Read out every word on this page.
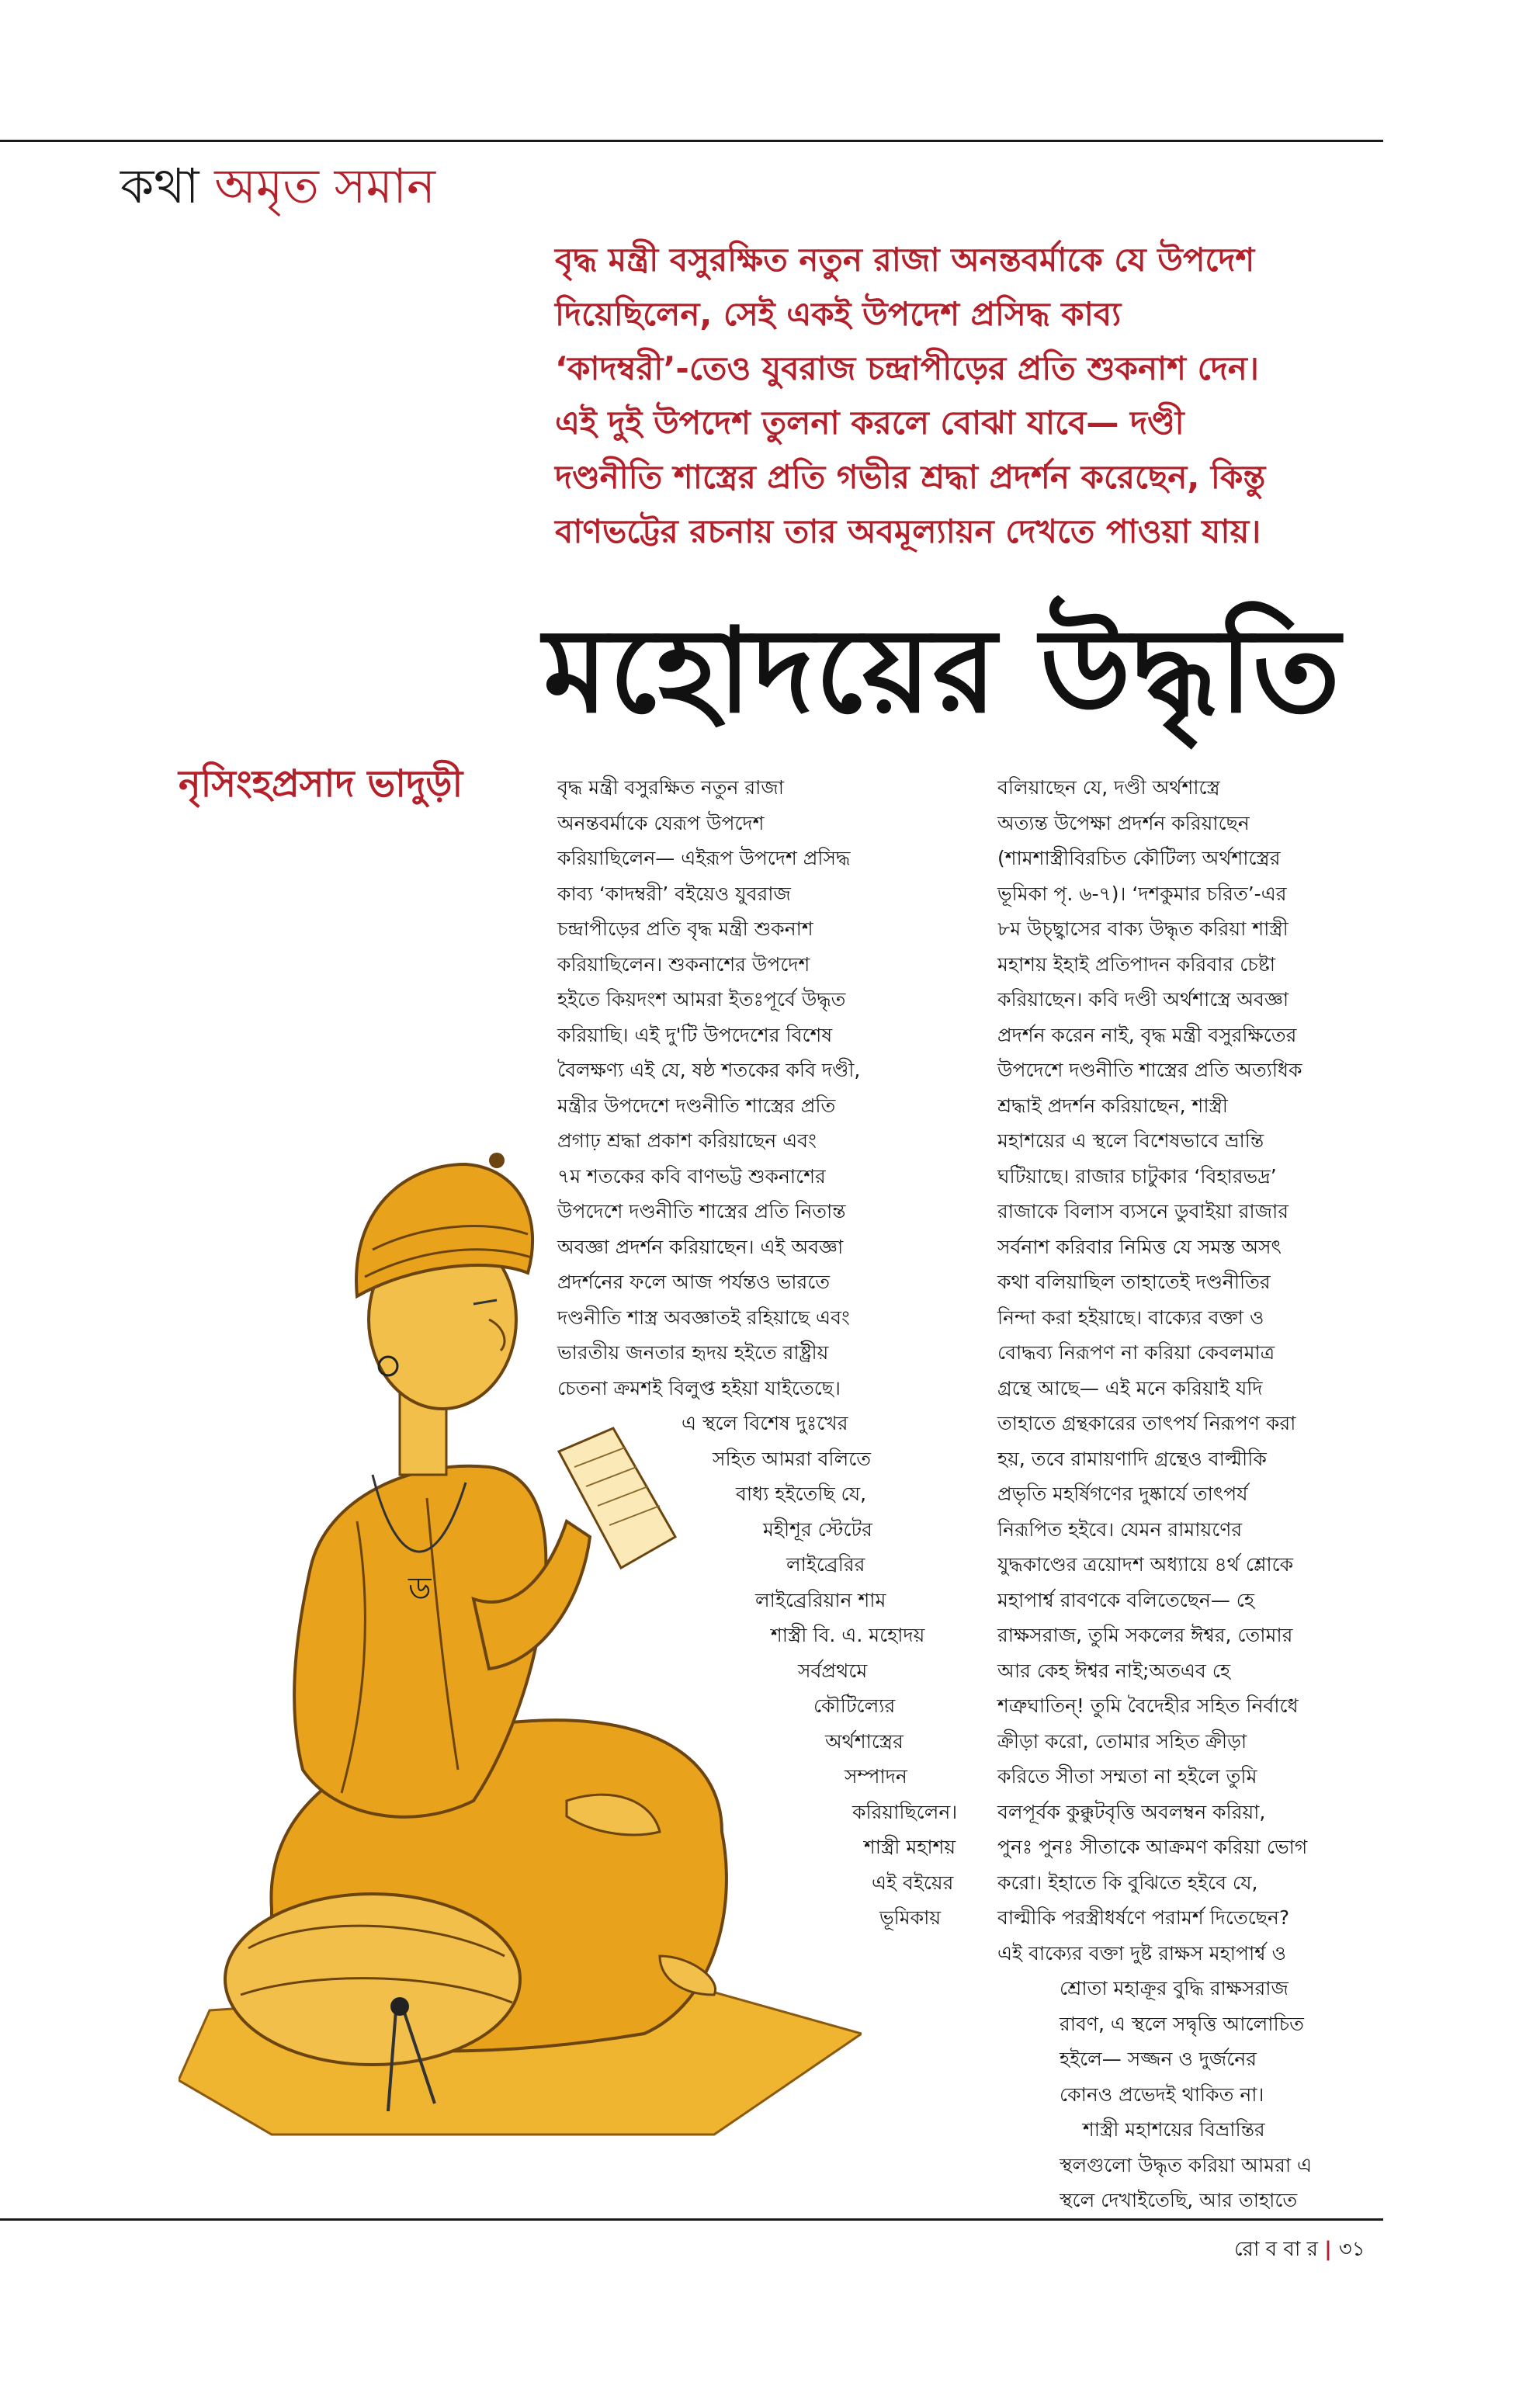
কথা অমৃত সমান

বৃদ্ধ মন্ত্রী বসুরক্ষিত নতুন রাজা অনন্তবর্মাকে যে উপদেশ

দিয়েছিলেন, সেই একই উপদেশ প্রসিদ্ধ কাব্য

‘কাদম্বরী’-তেও যুবরাজ চন্দ্রাপীড়ের প্রতি শুকনাশ দেন।

এই দুই উপদেশ তুলনা করলে বোঝা যাবে— দণ্ডী

দণ্ডনীতি শাস্ত্রের প্রতি গভীর শ্রদ্ধা প্রদর্শন করেছেন, কিন্তু

বাণভট্টের রচনায় তার অবমূল্যায়ন দেখতে পাওয়া যায়।

মহোদয়ের উদ্ধৃতি
নৃসিংহপ্রসাদ ভাদুড়ী
ড

বৃদ্ধ মন্ত্রী বসুরক্ষিত নতুন রাজা

অনন্তবর্মাকে যেরূপ উপদেশ

করিয়াছিলেন— এইরূপ উপদেশ প্রসিদ্ধ

কাব্য ‘কাদম্বরী’ বইয়েও যুবরাজ

চন্দ্রাপীড়ের প্রতি বৃদ্ধ মন্ত্রী শুকনাশ

করিয়াছিলেন। শুকনাশের উপদেশ

হইতে কিয়দংশ আমরা ইতঃপূর্বে উদ্ধৃত

করিয়াছি। এই দু'টি উপদেশের বিশেষ

বৈলক্ষণ্য এই যে, ষষ্ঠ শতকের কবি দণ্ডী,

মন্ত্রীর উপদেশে দণ্ডনীতি শাস্ত্রের প্রতি

প্রগাঢ় শ্রদ্ধা প্রকাশ করিয়াছেন এবং

৭ম শতকের কবি বাণভট্ট শুকনাশের

উপদেশে দণ্ডনীতি শাস্ত্রের প্রতি নিতান্ত

অবজ্ঞা প্রদর্শন করিয়াছেন। এই অবজ্ঞা

প্রদর্শনের ফলে আজ পর্যন্তও ভারতে

দণ্ডনীতি শাস্ত্র অবজ্ঞাতই রহিয়াছে এবং

ভারতীয় জনতার হৃদয় হইতে রাষ্ট্রীয়

চেতনা ক্রমশই বিলুপ্ত হইয়া যাইতেছে।

এ স্থলে বিশেষ দুঃখের

সহিত আমরা বলিতে

বাধ্য হইতেছি যে,

মহীশূর স্টেটের

লাইব্রেরির

লাইব্রেরিয়ান শাম

শাস্ত্রী বি. এ. মহোদয়

সর্বপ্রথমে

কৌটিল্যের

অর্থশাস্ত্রের

সম্পাদন

করিয়াছিলেন।

শাস্ত্রী মহাশয়

এই বইয়ের

ভূমিকায়

বলিয়াছেন যে, দণ্ডী অর্থশাস্ত্রে

অত্যন্ত উপেক্ষা প্রদর্শন করিয়াছেন

(শামশাস্ত্রীবিরচিত কৌটিল্য অর্থশাস্ত্রের

ভূমিকা পৃ. ৬-৭)। ‘দশকুমার চরিত’-এর

৮ম উচ্ছ্বাসের বাক্য উদ্ধৃত করিয়া শাস্ত্রী

মহাশয় ইহাই প্রতিপাদন করিবার চেষ্টা

করিয়াছেন। কবি দণ্ডী অর্থশাস্ত্রে অবজ্ঞা

প্রদর্শন করেন নাই, বৃদ্ধ মন্ত্রী বসুরক্ষিতের

উপদেশে দণ্ডনীতি শাস্ত্রের প্রতি অত্যধিক

শ্রদ্ধাই প্রদর্শন করিয়াছেন, শাস্ত্রী

মহাশয়ের এ স্থলে বিশেষভাবে ভ্রান্তি

ঘটিয়াছে। রাজার চাটুকার ‘বিহারভদ্র’

রাজাকে বিলাস ব্যসনে ডুবাইয়া রাজার

সর্বনাশ করিবার নিমিত্ত যে সমস্ত অসৎ

কথা বলিয়াছিল তাহাতেই দণ্ডনীতির

নিন্দা করা হইয়াছে। বাক্যের বক্তা ও

বোদ্ধব্য নিরূপণ না করিয়া কেবলমাত্র

গ্রন্থে আছে— এই মনে করিয়াই যদি

তাহাতে গ্রন্থকারের তাৎপর্য নিরূপণ করা

হয়, তবে রামায়ণাদি গ্রন্থেও বাল্মীকি

প্রভৃতি মহর্ষিগণের দুষ্কার্যে তাৎপর্য

নিরূপিত হইবে। যেমন রামায়ণের

যুদ্ধকাণ্ডের ত্রয়োদশ অধ্যায়ে ৪র্থ শ্লোকে

মহাপার্শ্ব রাবণকে বলিতেছেন— হে

রাক্ষসরাজ, তুমি সকলের ঈশ্বর, তোমার

আর কেহ ঈশ্বর নাই;অতএব হে

শত্রুঘাতিন্! তুমি বৈদেহীর সহিত নির্বাধে

ক্রীড়া করো, তোমার সহিত ক্রীড়া

করিতে সীতা সম্মতা না হইলে তুমি

বলপূর্বক কুক্কুটবৃত্তি অবলম্বন করিয়া,

পুনঃ পুনঃ সীতাকে আক্রমণ করিয়া ভোগ

করো। ইহাতে কি বুঝিতে হইবে যে,

বাল্মীকি পরস্ত্রীধর্ষণে পরামর্শ দিতেছেন?

এই বাক্যের বক্তা দুষ্ট রাক্ষস মহাপার্শ্ব ও

শ্রোতা মহাক্রূর বুদ্ধি রাক্ষসরাজ

রাবণ, এ স্থলে সদ্বৃত্তি আলোচিত

হইলে— সজ্জন ও দুর্জনের

কোনও প্রভেদই থাকিত না।

শাস্ত্রী মহাশয়ের বিভ্রান্তির

স্থলগুলো উদ্ধৃত করিয়া আমরা এ

স্থলে দেখাইতেছি, আর তাহাতে

রো ব বা র | ৩১
